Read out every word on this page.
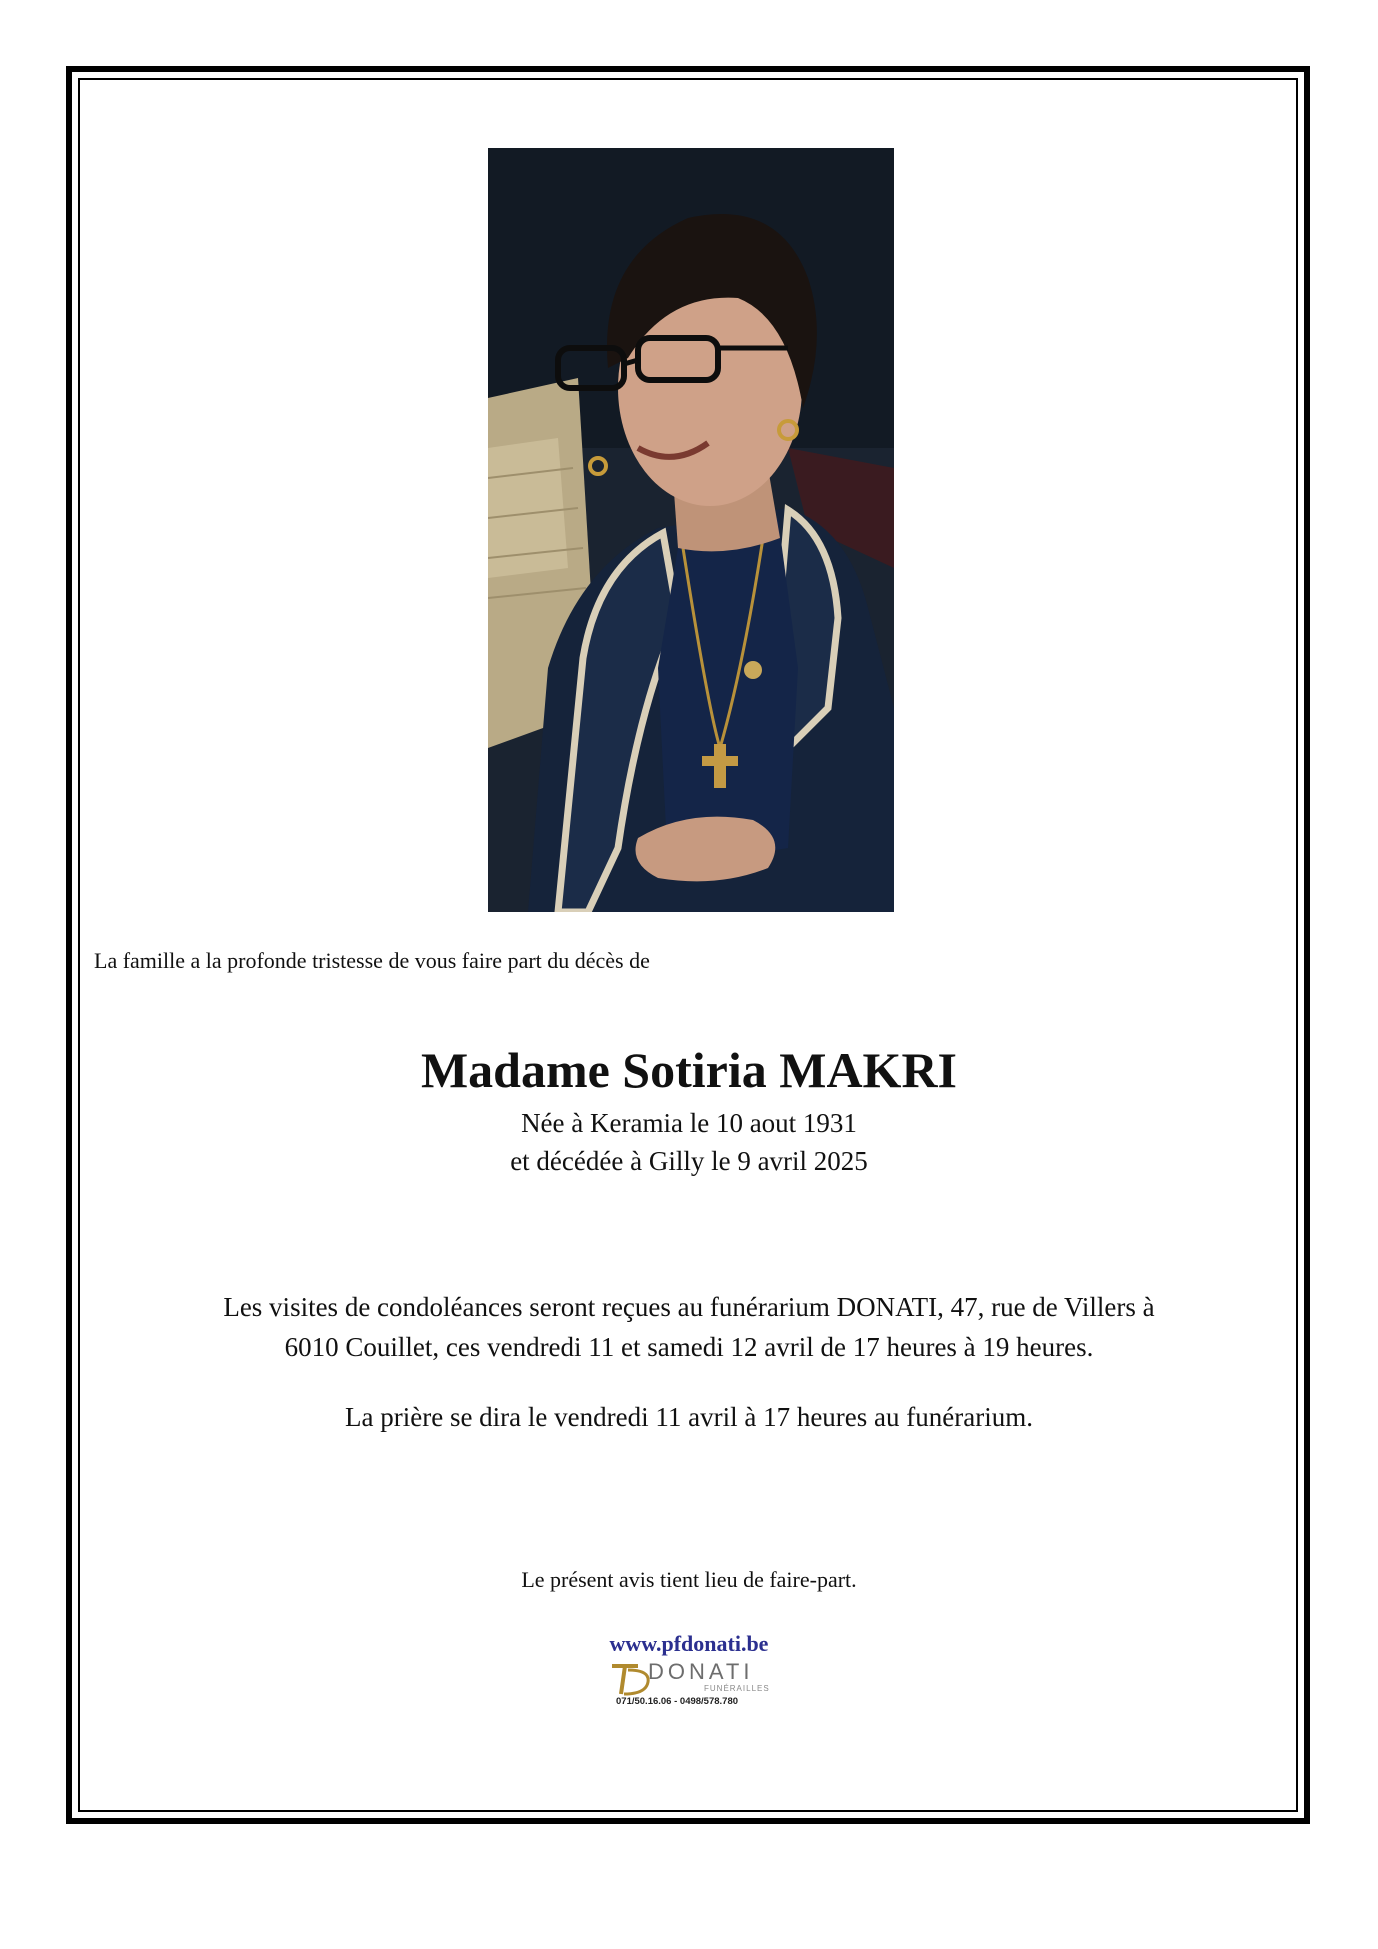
La famille a la profonde tristesse de vous faire part du décès de
Madame Sotiria MAKRI
Née à Keramia le 10 aout 1931
et décédée à Gilly le 9 avril 2025
Les visites de condoléances seront reçues au funérarium DONATI, 47, rue de Villers à
6010 Couillet, ces vendredi 11 et samedi 12 avril de 17 heures à 19 heures.
La prière se dira le vendredi 11 avril à 17 heures au funérarium.
Le présent avis tient lieu de faire-part.
www.pfdonati.be
DONATI
FUNÉRAILLES
071/50.16.06 - 0498/578.780
